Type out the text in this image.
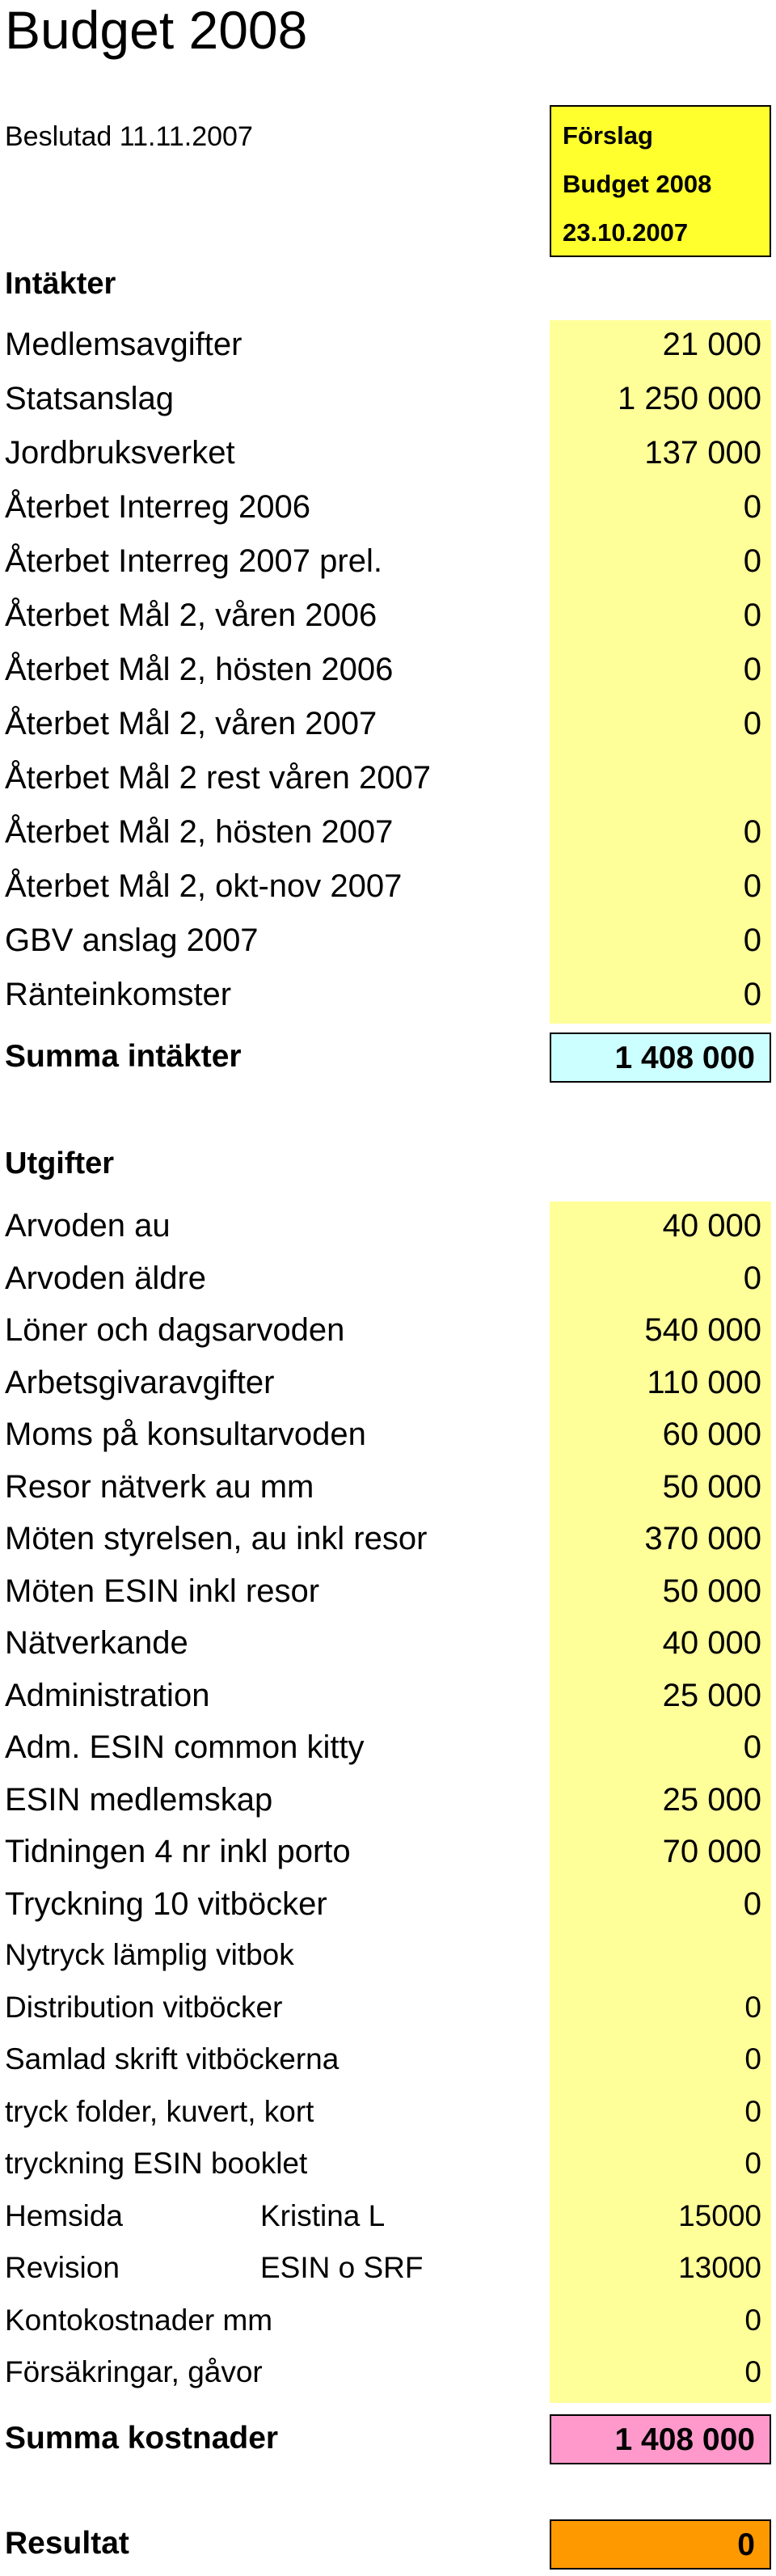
Budget 2008
Beslutad 11.11.2007	Förslag
Budget 2008
23.10.2007
Intäkter
Medlemsavgifter	21 000
Statsanslag	1 250 000
Jordbruksverket	137 000
Återbet Interreg 2006	0
Återbet Interreg 2007 prel.	0
Återbet Mål 2, våren 2006	0
Återbet Mål 2, hösten 2006	0
Återbet Mål 2, våren 2007	0
Återbet Mål 2 rest våren 2007
Återbet Mål 2, hösten 2007	0
Återbet Mål 2, okt-nov 2007	0
GBV anslag 2007	0
Ränteinkomster	0
Summa intäkter	1 408 000
Utgifter
Arvoden au	40 000
Arvoden äldre	0
Löner och dagsarvoden	540 000
Arbetsgivaravgifter	110 000
Moms på konsultarvoden	60 000
Resor nätverk au mm	50 000
Möten styrelsen, au inkl resor	370 000
Möten ESIN inkl resor	50 000
Nätverkande	40 000
Administration	25 000
Adm. ESIN common kitty	0
ESIN medlemskap	25 000
Tidningen 4 nr inkl porto	70 000
Tryckning 10 vitböcker	0
Nytryck lämplig vitbok
Distribution vitböcker	0
Samlad skrift vitböckerna	0
tryck folder, kuvert, kort	0
tryckning ESIN booklet	0
Hemsida	Kristina L	15000
Revision	ESIN o SRF	13000
Kontokostnader mm	0
Försäkringar, gåvor	0
Summa kostnader	1 408 000
Resultat	0
